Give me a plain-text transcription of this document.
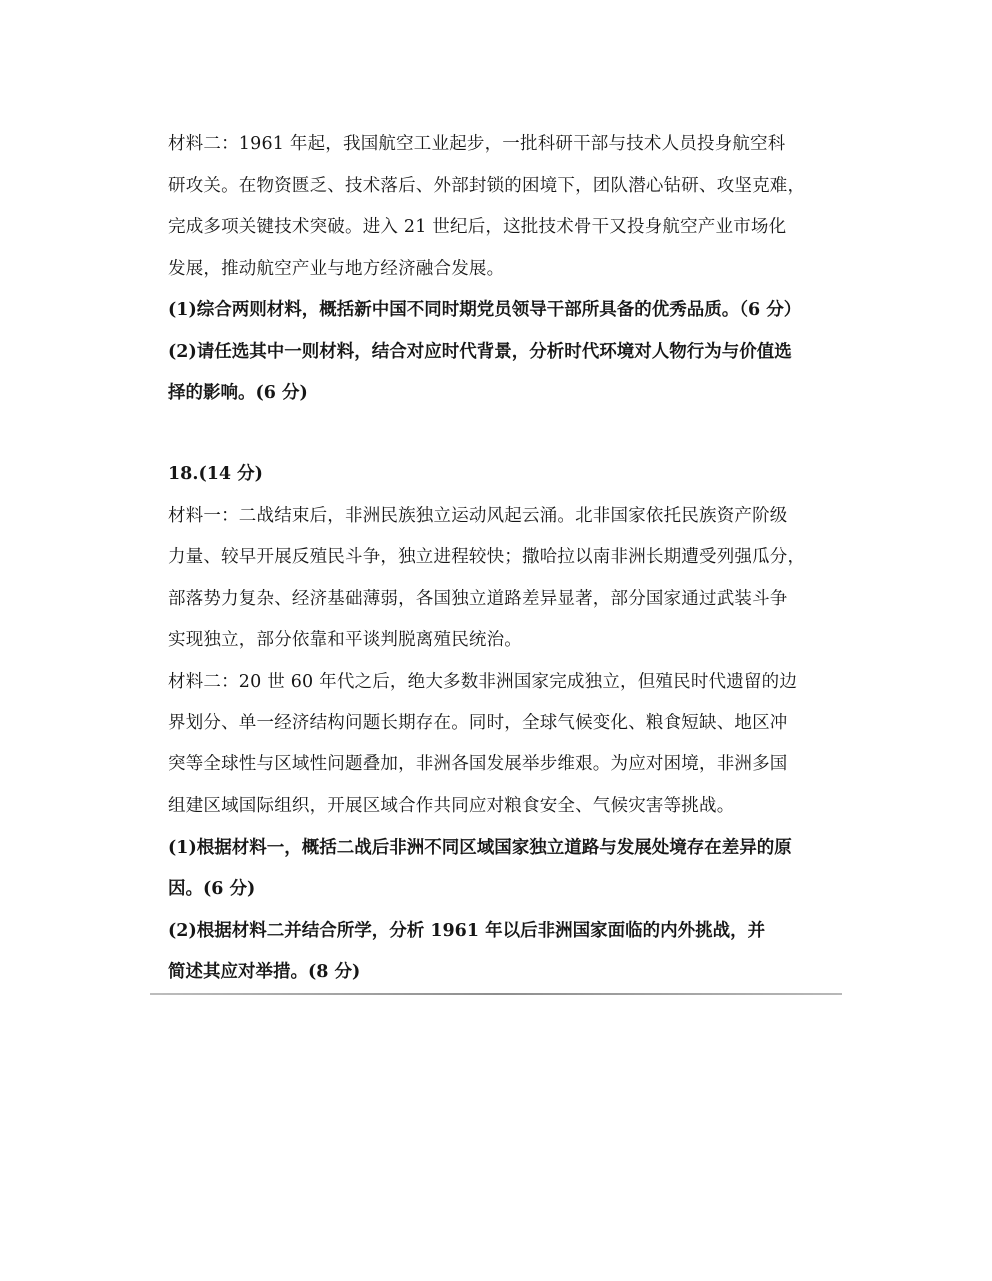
材料二：1961 年起，我国航空工业起步，一批科研干部与技术人员投身航空科
研攻关。在物资匮乏、技术落后、外部封锁的困境下，团队潜心钻研、攻坚克难，
完成多项关键技术突破。进入 21 世纪后，这批技术骨干又投身航空产业市场化
发展，推动航空产业与地方经济融合发展。
(1)综合两则材料，概括新中国不同时期党员领导干部所具备的优秀品质。（6 分）
(2)请任选其中一则材料，结合对应时代背景，分析时代环境对人物行为与价值选
择的影响。(6 分)
18.(14 分)
材料一：二战结束后，非洲民族独立运动风起云涌。北非国家依托民族资产阶级
力量、较早开展反殖民斗争，独立进程较快；撒哈拉以南非洲长期遭受列强瓜分，
部落势力复杂、经济基础薄弱，各国独立道路差异显著，部分国家通过武装斗争
实现独立，部分依靠和平谈判脱离殖民统治。
材料二：20 世 60 年代之后，绝大多数非洲国家完成独立，但殖民时代遗留的边
界划分、单一经济结构问题长期存在。同时，全球气候变化、粮食短缺、地区冲
突等全球性与区域性问题叠加，非洲各国发展举步维艰。为应对困境，非洲多国
组建区域国际组织，开展区域合作共同应对粮食安全、气候灾害等挑战。
(1)根据材料一，概括二战后非洲不同区域国家独立道路与发展处境存在差异的原
因。(6 分)
(2)根据材料二并结合所学，分析 1961 年以后非洲国家面临的内外挑战，并
简述其应对举措。(8 分)
